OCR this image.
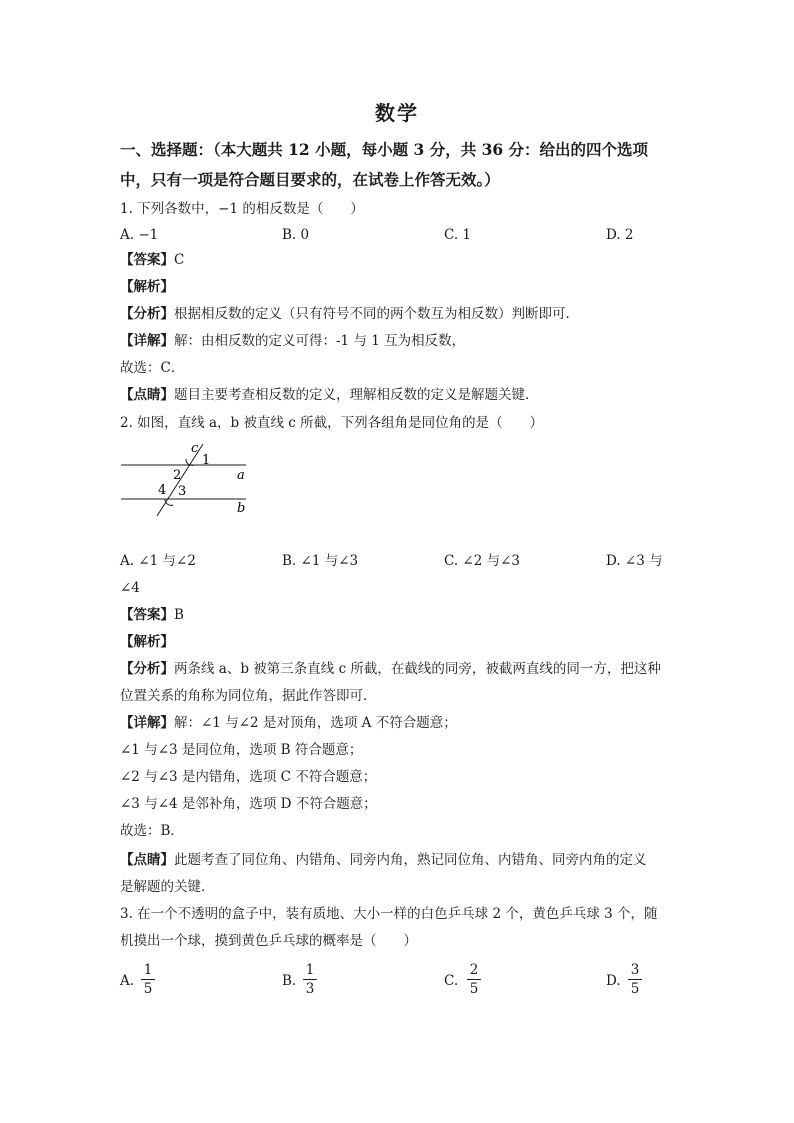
数学
一、选择题：（本大题共 12 小题，每小题 3 分，共 36 分：给出的四个选项
中，只有一项是符合题目要求的，在试卷上作答无效。）
1. 下列各数中，−1 的相反数是（　　）
A. −1	B. 0	C. 1	D. 2
【答案】C
【解析】
【分析】根据相反数的定义（只有符号不同的两个数互为相反数）判断即可．
【详解】解：由相反数的定义可得：-1 与 1 互为相反数，
故选：C．
【点睛】题目主要考查相反数的定义，理解相反数的定义是解题关键．
2. 如图，直线 a，b 被直线 c 所截，下列各组角是同位角的是（　　）
c
1
2	a
4 3
b
A. ∠1 与∠2	B. ∠1 与∠3	C. ∠2 与∠3	D. ∠3 与
∠4
【答案】B
【解析】
【分析】两条线 a、b 被第三条直线 c 所截，在截线的同旁，被截两直线的同一方，把这种
位置关系的角称为同位角，据此作答即可．
【详解】解：∠1 与∠2 是对顶角，选项 A 不符合题意；
∠1 与∠3 是同位角，选项 B 符合题意；
∠2 与∠3 是内错角，选项 C 不符合题意；
∠3 与∠4 是邻补角，选项 D 不符合题意；
故选：B．
【点睛】此题考查了同位角、内错角、同旁内角，熟记同位角、内错角、同旁内角的定义
是解题的关键．
3. 在一个不透明的盒子中，装有质地、大小一样的白色乒乓球 2 个，黄色乒乓球 3 个，随
机摸出一个球，摸到黄色乒乓球的概率是（　　）
A.
1
5	B.
1
3	C.
2
5	D.
3
5
